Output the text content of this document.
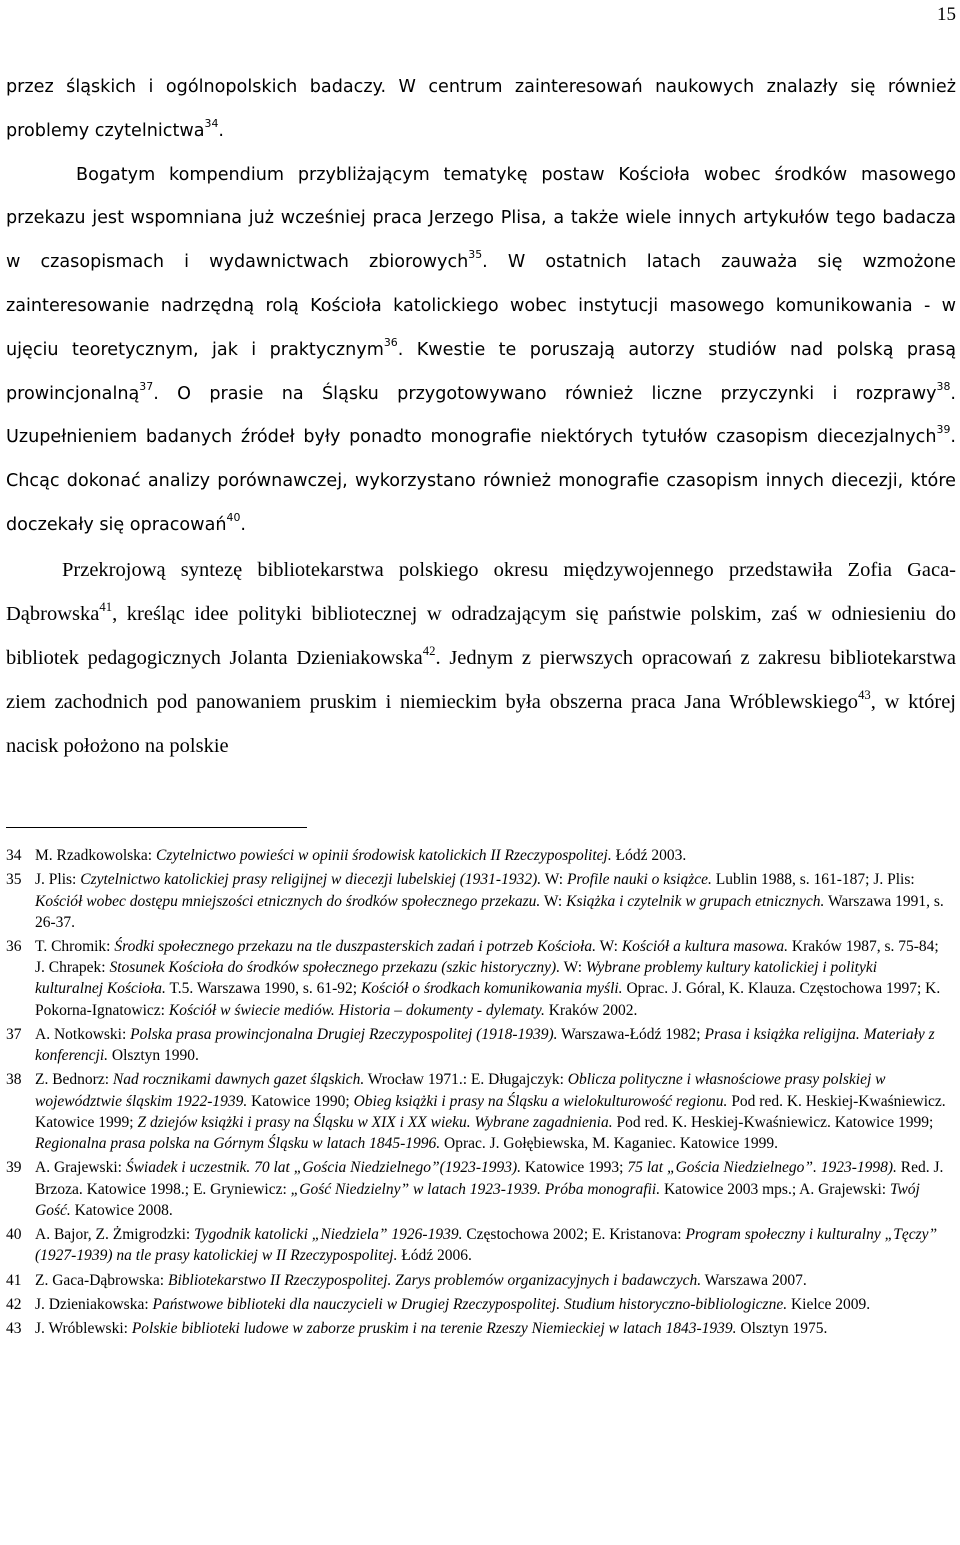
15

przez śląskich i ogólnopolskich badaczy. W centrum zainteresowań naukowych znalazły się również problemy czytelnictwa$^{34}$.

Bogatym kompendium przybliżającym tematykę postaw Kościoła wobec środków masowego przekazu jest wspomniana już wcześniej praca Jerzego Plisa, a także wiele innych artykułów tego badacza w czasopismach i wydawnictwach zbiorowych$^{35}$. W ostatnich latach zauważa się wzmożone zainteresowanie nadrzędną rolą Kościoła katolickiego wobec instytucji masowego komunikowania - w ujęciu teoretycznym, jak i praktycznym$^{36}$. Kwestie te poruszają autorzy studiów nad polską prasą prowincjonalną$^{37}$. O prasie na Śląsku przygotowywano również liczne przyczynki i rozprawy$^{38}$. Uzupełnieniem badanych źródeł były ponadto monografie niektórych tytułów czasopism diecezjalnych$^{39}$. Chcąc dokonać analizy porównawczej, wykorzystano również monografie czasopism innych diecezji, które doczekały się opracowań$^{40}$.

Przekrojową syntezę bibliotekarstwa polskiego okresu międzywojennego przedstawiła Zofia Gaca-Dąbrowska$^{41}$, kreśląc idee polityki bibliotecznej w odradzającym się państwie polskim, zaś w odniesieniu do bibliotek pedagogicznych Jolanta Dzieniakowska$^{42}$. Jednym z pierwszych opracowań z zakresu bibliotekarstwa ziem zachodnich pod panowaniem pruskim i niemieckim była obszerna praca Jana Wróblewskiego$^{43}$, w której nacisk położono na polskie

34 M. Rzadkowolska: Czytelnictwo powieści w opinii środowisk katolickich II Rzeczypospolitej. Łódź 2003.
35 J. Plis: Czytelnictwo katolickiej prasy religijnej w diecezji lubelskiej (1931-1932). W: Profile nauki o książce. Lublin 1988, s. 161-187; J. Plis: Kościół wobec dostępu mniejszości etnicznych do środków społecznego przekazu. W: Książka i czytelnik w grupach etnicznych. Warszawa 1991, s. 26-37.
36 T. Chromik: Środki społecznego przekazu na tle duszpasterskich zadań i potrzeb Kościoła. W: Kościół a kultura masowa. Kraków 1987, s. 75-84; J. Chrapek: Stosunek Kościoła do środków społecznego przekazu (szkic historyczny). W: Wybrane problemy kultury katolickiej i polityki kulturalnej Kościoła. T.5. Warszawa 1990, s. 61-92; Kościół o środkach komunikowania myśli. Oprac. J. Góral, K. Klauza. Częstochowa 1997; K. Pokorna-Ignatowicz: Kościół w świecie mediów. Historia – dokumenty - dylematy. Kraków 2002.
37 A. Notkowski: Polska prasa prowincjonalna Drugiej Rzeczypospolitej (1918-1939). Warszawa-Łódź 1982; Prasa i książka religijna. Materiały z konferencji. Olsztyn 1990.
38 Z. Bednorz: Nad rocznikami dawnych gazet śląskich. Wrocław 1971.: E. Długajczyk: Oblicza polityczne i własnościowe prasy polskiej w województwie śląskim 1922-1939. Katowice 1990; Obieg książki i prasy na Śląsku a wielokulturowość regionu. Pod red. K. Heskiej-Kwaśniewicz. Katowice 1999; Z dziejów książki i prasy na Śląsku w XIX i XX wieku. Wybrane zagadnienia. Pod red. K. Heskiej-Kwaśniewicz. Katowice 1999; Regionalna prasa polska na Górnym Śląsku w latach 1845-1996. Oprac. J. Gołębiewska, M. Kaganiec. Katowice 1999.
39 A. Grajewski: Świadek i uczestnik. 70 lat „Gościa Niedzielnego”(1923-1993). Katowice 1993; 75 lat „Gościa Niedzielnego”. 1923-1998). Red. J. Brzoza. Katowice 1998.; E. Gryniewicz: „Gość Niedzielny” w latach 1923-1939. Próba monografii. Katowice 2003 mps.; A. Grajewski: Twój Gość. Katowice 2008.
40 A. Bajor, Z. Żmigrodzki: Tygodnik katolicki „Niedziela” 1926-1939. Częstochowa 2002; E. Kristanova: Program społeczny i kulturalny „Tęczy” (1927-1939) na tle prasy katolickiej w II Rzeczypospolitej. Łódź 2006.
41 Z. Gaca-Dąbrowska: Bibliotekarstwo II Rzeczypospolitej. Zarys problemów organizacyjnych i badawczych. Warszawa 2007.
42 J. Dzieniakowska: Państwowe biblioteki dla nauczycieli w Drugiej Rzeczypospolitej. Studium historyczno-bibliologiczne. Kielce 2009.
43 J. Wróblewski: Polskie biblioteki ludowe w zaborze pruskim i na terenie Rzeszy Niemieckiej w latach 1843-1939. Olsztyn 1975.
